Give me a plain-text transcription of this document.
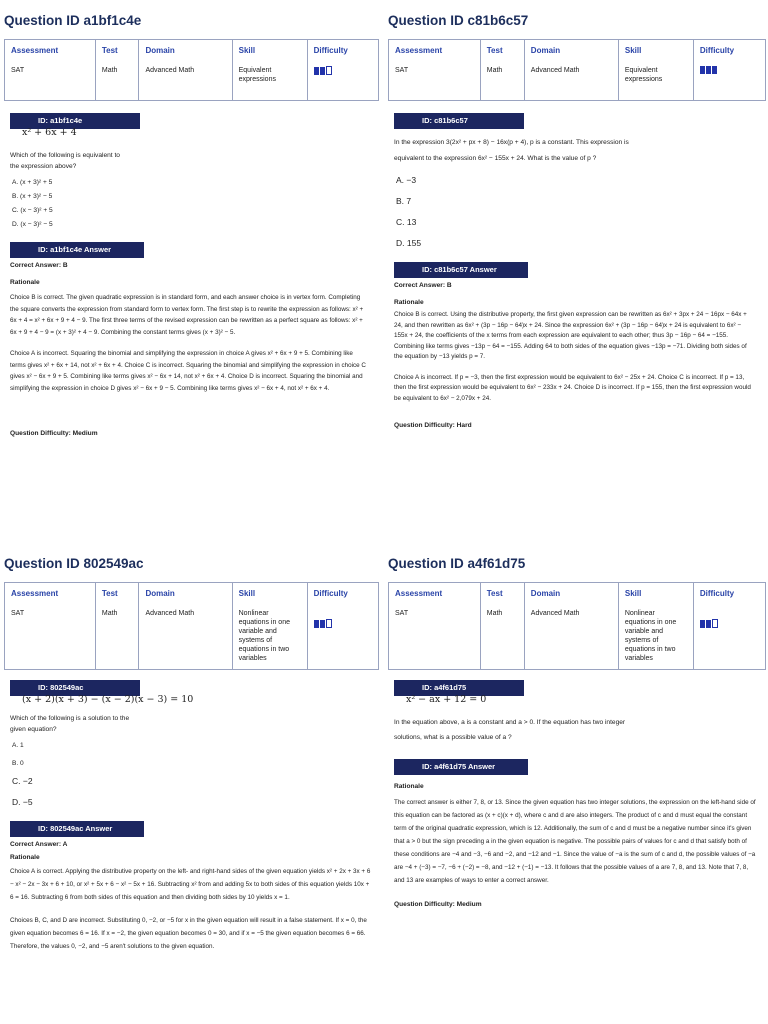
Question ID a1bf1c4e
Assessment	Test	Domain	Skill	Difficulty
SAT	Math	Advanced Math	Equivalent expressions	
ID: a1bf1c4e
x² + 6x + 4
Which of the following is equivalent to the expression above?
A. (x + 3)² + 5
B. (x + 3)² − 5
C. (x − 3)² + 5
D. (x − 3)² − 5
ID: a1bf1c4e Answer
Correct Answer: B
Rationale
Choice B is correct. The given quadratic expression is in standard form, and each answer choice is in vertex form. Completing the square converts the expression from standard form to vertex form. The first step is to rewrite the expression as follows: x² + 6x + 4 = x² + 6x + 9 + 4 − 9. The first three terms of the revised expression can be rewritten as a perfect square as follows: x² + 6x + 9 + 4 − 9 = (x + 3)² + 4 − 9. Combining the constant terms gives (x + 3)² − 5.
Choice A is incorrect. Squaring the binomial and simplifying the expression in choice A gives x² + 6x + 9 + 5. Combining like terms gives x² + 6x + 14, not x² + 6x + 4. Choice C is incorrect. Squaring the binomial and simplifying the expression in choice C gives x² − 6x + 9 + 5. Combining like terms gives x² − 6x + 14, not x² + 6x + 4. Choice D is incorrect. Squaring the binomial and simplifying the expression in choice D gives x² − 6x + 9 − 5. Combining like terms gives x² − 6x + 4, not x² + 6x + 4.
Question Difficulty: Medium
Question ID c81b6c57
Assessment	Test	Domain	Skill	Difficulty
SAT	Math	Advanced Math	Equivalent expressions	
ID: c81b6c57
In the expression 3(2x² + px + 8) − 16x(p + 4), p is a constant. This expression is equivalent to the expression 6x² − 155x + 24. What is the value of p ?
A. −3
B. 7
C. 13
D. 155
ID: c81b6c57 Answer
Correct Answer: B
Rationale
Choice B is correct. Using the distributive property, the first given expression can be rewritten as 6x² + 3px + 24 − 16px − 64x + 24, and then rewritten as 6x² + (3p − 16p − 64)x + 24. Since the expression 6x² + (3p − 16p − 64)x + 24 is equivalent to 6x² − 155x + 24, the coefficients of the x terms from each expression are equivalent to each other; thus 3p − 16p − 64 = −155. Combining like terms gives −13p − 64 = −155. Adding 64 to both sides of the equation gives −13p = −71. Dividing both sides of the equation by −13 yields p = 7.
Choice A is incorrect. If p = −3, then the first expression would be equivalent to 6x² − 25x + 24. Choice C is incorrect. If p = 13, then the first expression would be equivalent to 6x² − 233x + 24. Choice D is incorrect. If p = 155, then the first expression would be equivalent to 6x² − 2,079x + 24.
Question Difficulty: Hard
Question ID 802549ac
Assessment	Test	Domain	Skill	Difficulty
SAT	Math	Advanced Math	Nonlinear equations in one variable and systems of equations in two variables	
ID: 802549ac
(x + 2)(x + 3) − (x − 2)(x − 3) = 10
Which of the following is a solution to the given equation?
A. 1
B. 0
C. −2
D. −5
ID: 802549ac Answer
Correct Answer: A
Rationale
Choice A is correct. Applying the distributive property on the left- and right-hand sides of the given equation yields x² + 2x + 3x + 6 − x² − 2x − 3x + 6 + 10, or x² + 5x + 6 − x² − 5x + 16. Subtracting x² from and adding 5x to both sides of this equation yields 10x + 6 = 16. Subtracting 6 from both sides of this equation and then dividing both sides by 10 yields x = 1.
Choices B, C, and D are incorrect. Substituting 0, −2, or −5 for x in the given equation will result in a false statement. If x = 0, the given equation becomes 6 = 16. If x = −2, the given equation becomes 0 = 30, and if x = −5 the given equation becomes 6 = 66. Therefore, the values 0, −2, and −5 aren't solutions to the given equation.
Question ID a4f61d75
Assessment	Test	Domain	Skill	Difficulty
SAT	Math	Advanced Math	Nonlinear equations in one variable and systems of equations in two variables	
ID: a4f61d75
x² − ax + 12 = 0
In the equation above, a is a constant and a > 0. If the equation has two integer solutions, what is a possible value of a ?
ID: a4f61d75 Answer
Rationale
The correct answer is either 7, 8, or 13. Since the given equation has two integer solutions, the expression on the left-hand side of this equation can be factored as (x + c)(x + d), where c and d are also integers. The product of c and d must equal the constant term of the original quadratic expression, which is 12. Additionally, the sum of c and d must be a negative number since it's given that a > 0 but the sign preceding a in the given equation is negative. The possible pairs of values for c and d that satisfy both of these conditions are −4 and −3, −6 and −2, and −12 and −1. Since the value of −a is the sum of c and d, the possible values of −a are −4 + (−3) = −7, −6 + (−2) = −8, and −12 + (−1) = −13. It follows that the possible values of a are 7, 8, and 13. Note that 7, 8, and 13 are examples of ways to enter a correct answer.
Question Difficulty: Medium
